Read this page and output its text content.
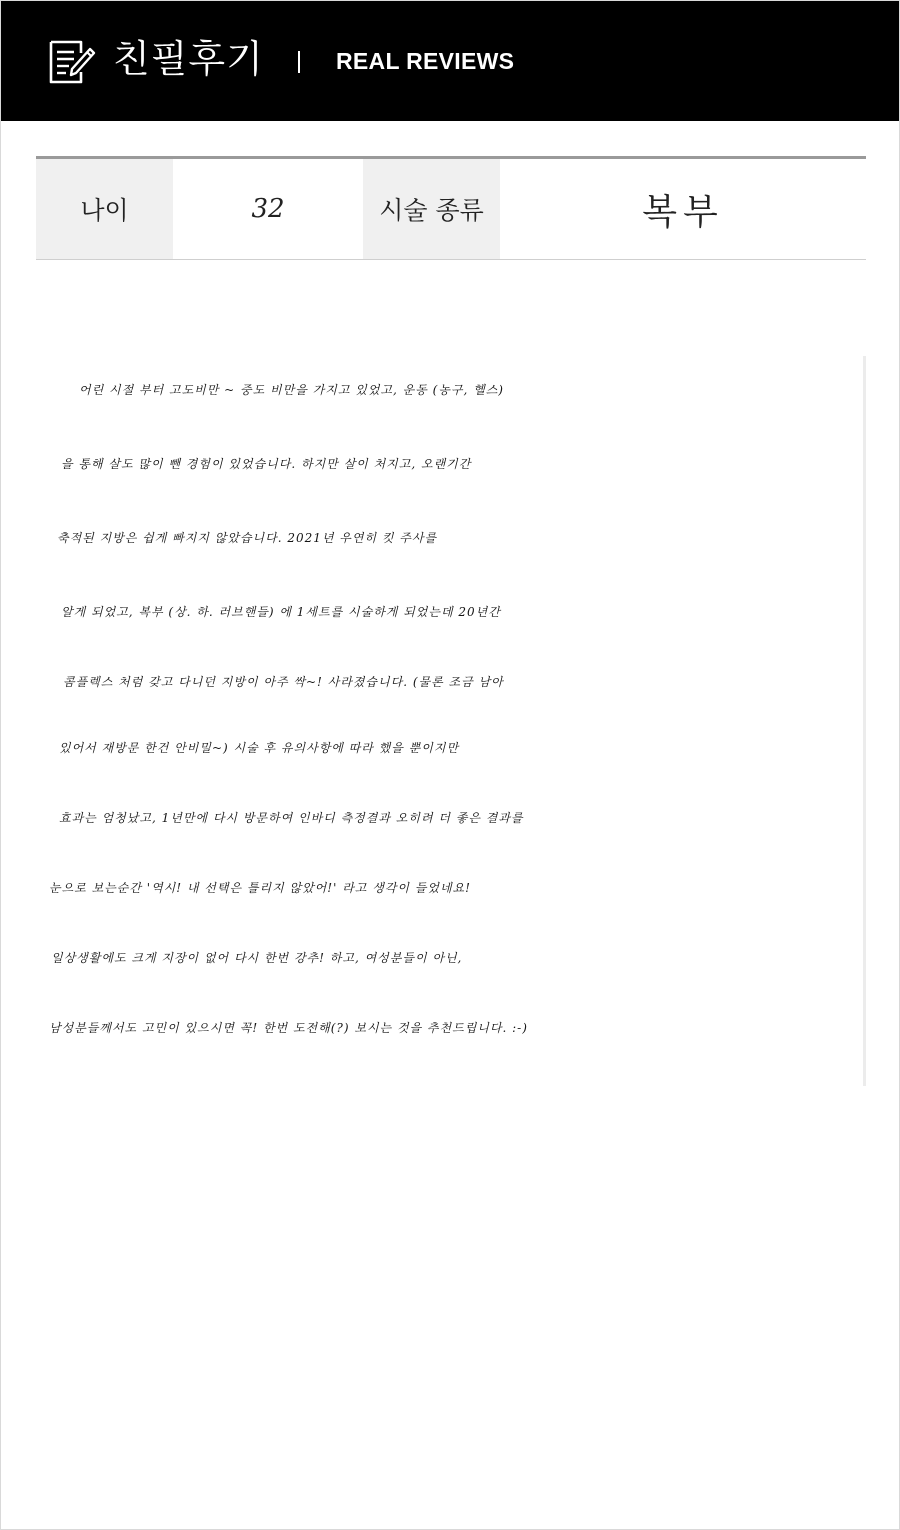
친필후기	REAL REVIEWS
나이	32	시술 종류	복부
어린 시절 부터 고도비만 ~ 중도 비만을 가지고 있었고, 운동 (농구, 헬스)
을 통해 살도 많이 뺀 경험이 있었습니다. 하지만 살이 처지고, 오랜기간
축적된 지방은 쉽게 빠지지 않았습니다. 2021년 우연히 킷 주사를
알게 되었고, 복부 (상. 하. 러브핸들) 에 1세트를 시술하게 되었는데 20년간
콤플렉스 처럼 갖고 다니던 지방이 아주 싹~! 사라졌습니다. (물론 조금 남아
있어서 재방문 한건 안비밀~) 시술 후 유의사항에 따라 했을 뿐이지만
효과는 엄청났고, 1년만에 다시 방문하여 인바디 측정결과 오히려 더 좋은 결과를
눈으로 보는순간 '역시! 내 선택은 틀리지 않았어!' 라고 생각이 들었네요!
일상생활에도 크게 지장이 없어 다시 한번 강추! 하고, 여성분들이 아닌,
남성분들께서도 고민이 있으시면 꼭! 한번 도전해(?) 보시는 것을 추천드립니다. :-)
